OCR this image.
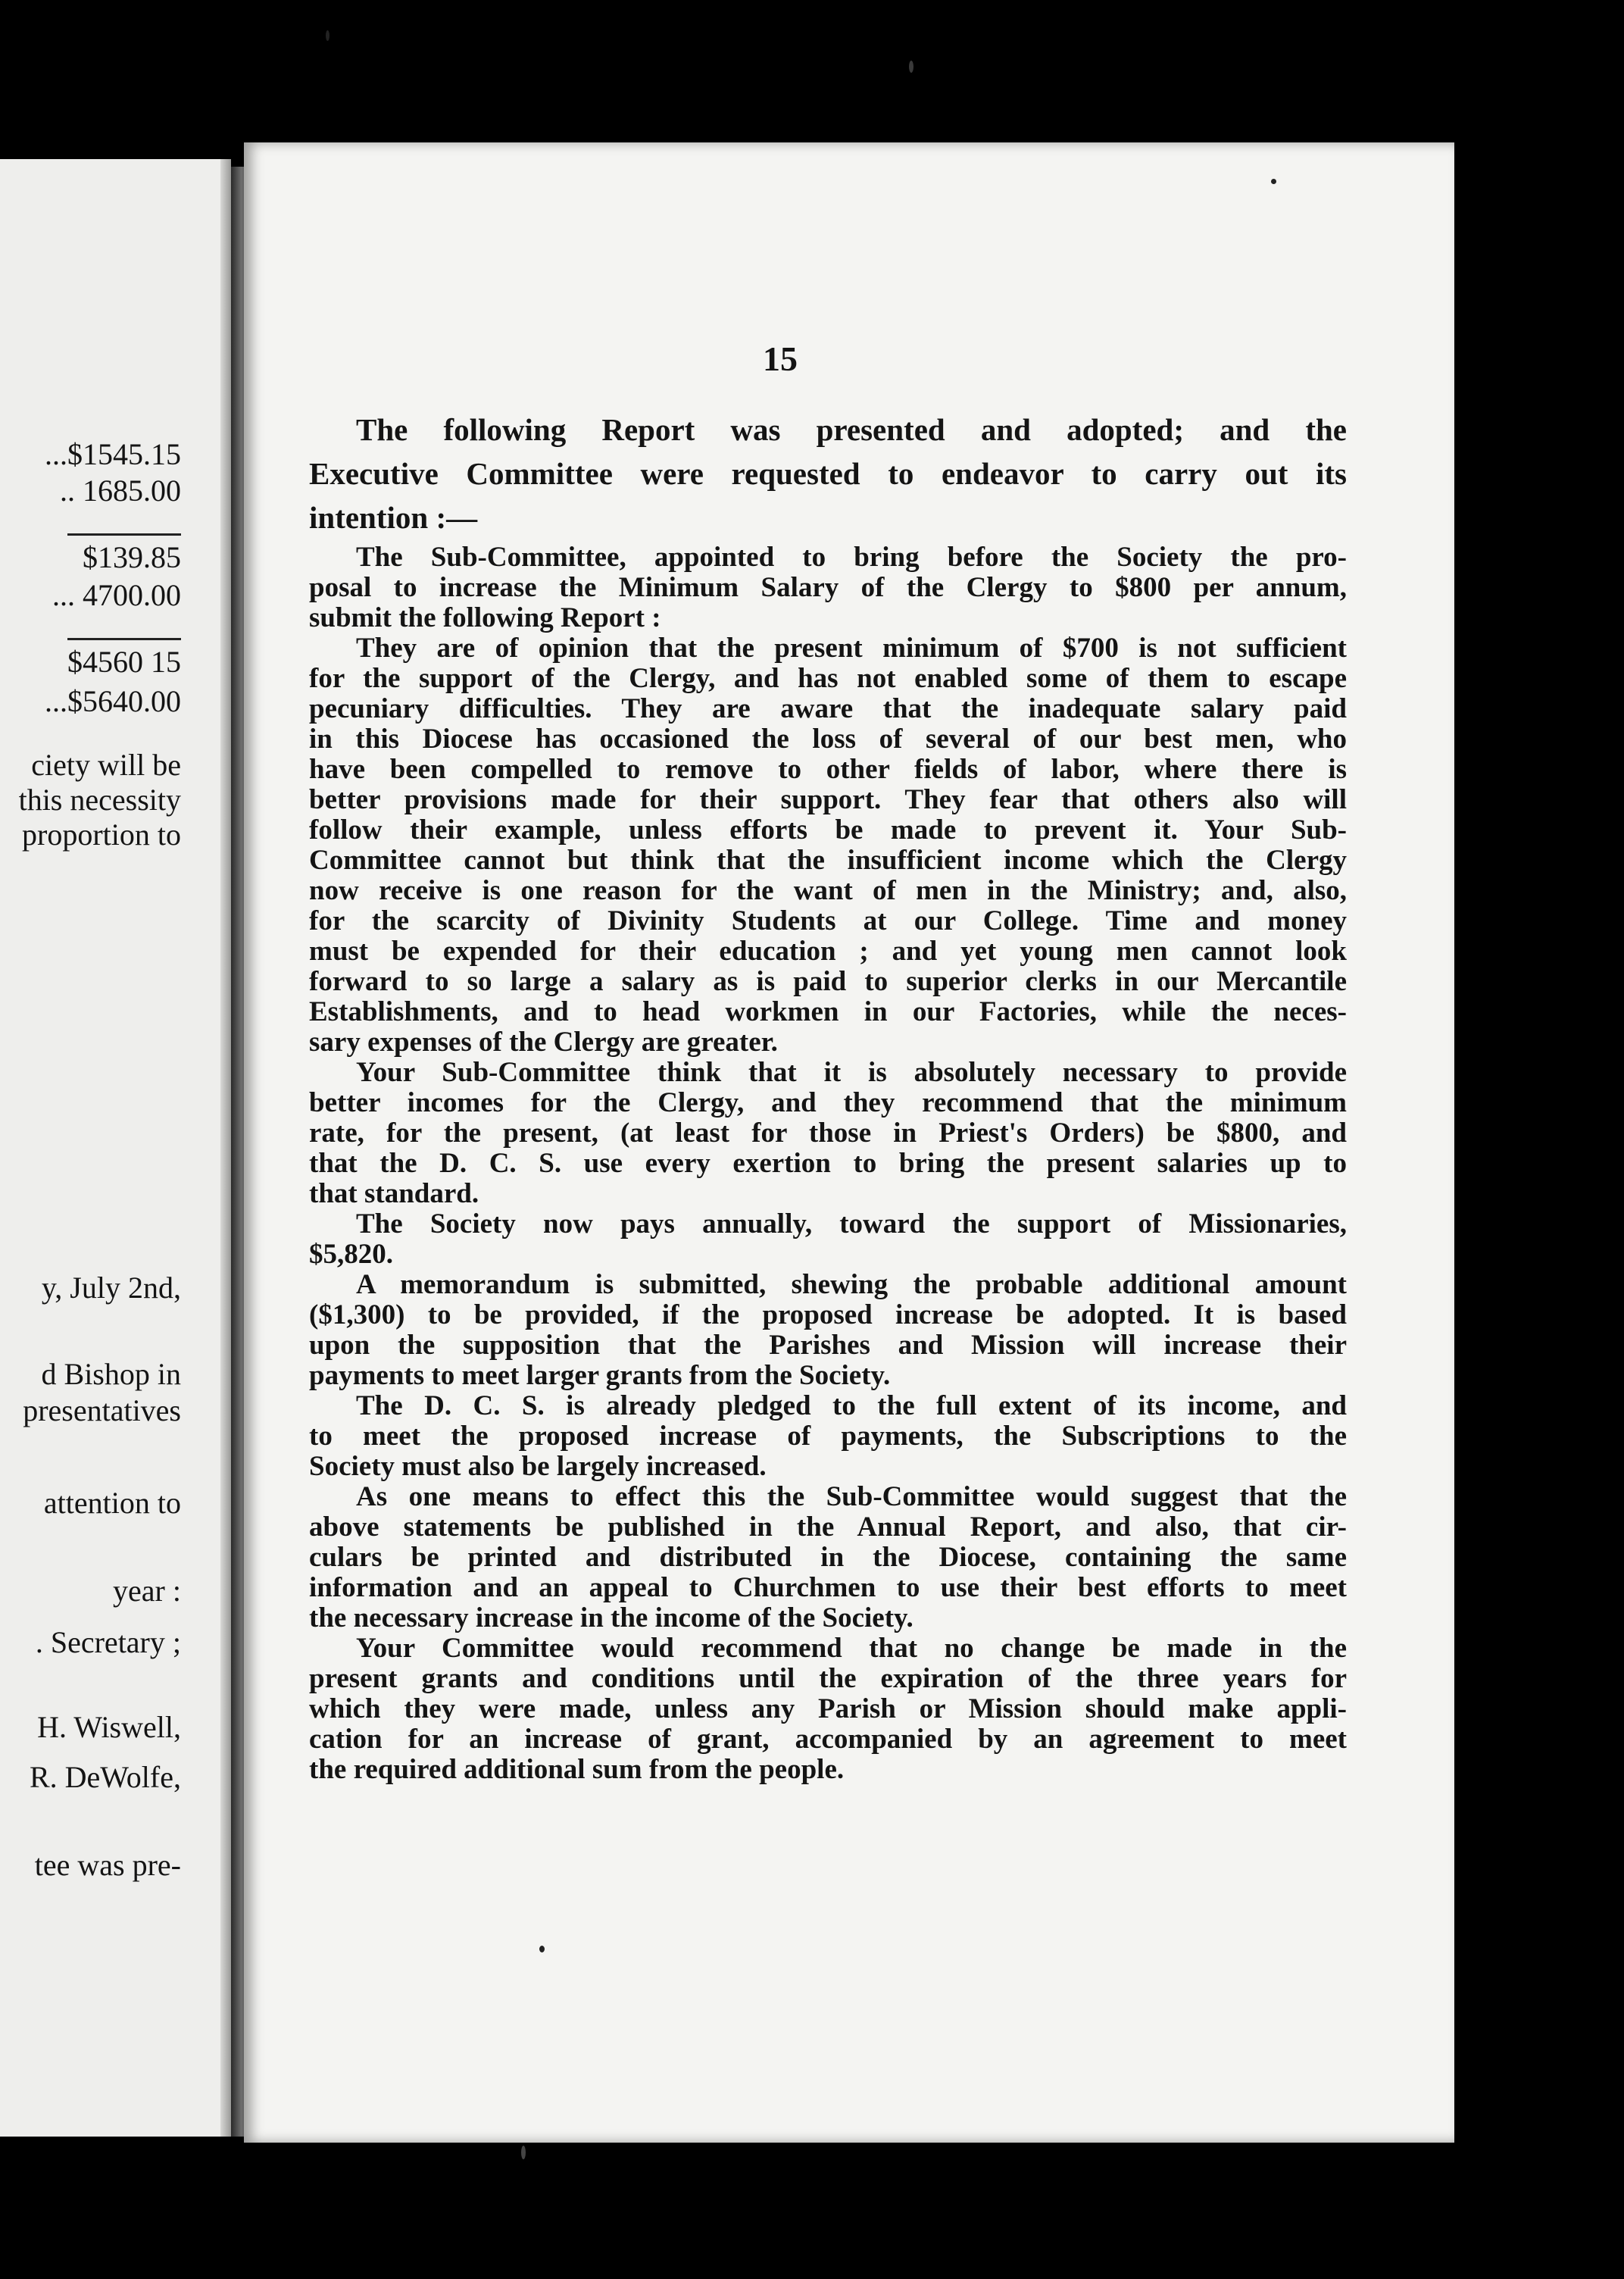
...$1545.15
.. 1685.00
$139.85
... 4700.00
$4560 15
...$5640.00
ciety will be
this necessity
proportion to
y, July 2nd,
d Bishop in
presentatives
attention to
year :
. Secretary ;
H. Wiswell,
R. DeWolfe,
tee was pre-
15
The following Report was presented and adopted; and the
Executive Committee were requested to endeavor to carry out its
intention :—
The Sub-Committee, appointed to bring before the Society the pro-
posal to increase the Minimum Salary of the Clergy to $800 per annum,
submit the following Report :
They are of opinion that the present minimum of $700 is not sufficient
for the support of the Clergy, and has not enabled some of them to escape
pecuniary difficulties. They are aware that the inadequate salary paid
in this Diocese has occasioned the loss of several of our best men, who
have been compelled to remove to other fields of labor, where there is
better provisions made for their support. They fear that others also will
follow their example, unless efforts be made to prevent it. Your Sub-
Committee cannot but think that the insufficient income which the Clergy
now receive is one reason for the want of men in the Ministry; and, also,
for the scarcity of Divinity Students at our College. Time and money
must be expended for their education ; and yet young men cannot look
forward to so large a salary as is paid to superior clerks in our Mercantile
Establishments, and to head workmen in our Factories, while the neces-
sary expenses of the Clergy are greater.
Your Sub-Committee think that it is absolutely necessary to provide
better incomes for the Clergy, and they recommend that the minimum
rate, for the present, (at least for those in Priest's Orders) be $800, and
that the D. C. S. use every exertion to bring the present salaries up to
that standard.
The Society now pays annually, toward the support of Missionaries,
$5,820.
A memorandum is submitted, shewing the probable additional amount
($1,300) to be provided, if the proposed increase be adopted. It is based
upon the supposition that the Parishes and Mission will increase their
payments to meet larger grants from the Society.
The D. C. S. is already pledged to the full extent of its income, and
to meet the proposed increase of payments, the Subscriptions to the
Society must also be largely increased.
As one means to effect this the Sub-Committee would suggest that the
above statements be published in the Annual Report, and also, that cir-
culars be printed and distributed in the Diocese, containing the same
information and an appeal to Churchmen to use their best efforts to meet
the necessary increase in the income of the Society.
Your Committee would recommend that no change be made in the
present grants and conditions until the expiration of the three years for
which they were made, unless any Parish or Mission should make appli-
cation for an increase of grant, accompanied by an agreement to meet
the required additional sum from the people.
